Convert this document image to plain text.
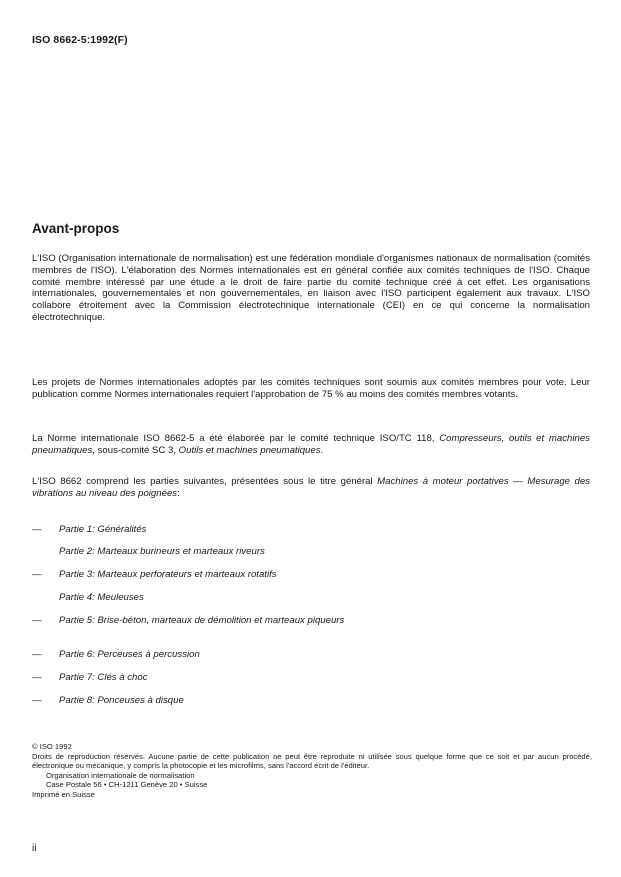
ISO 8662-5:1992(F)
Avant-propos
L'ISO (Organisation internationale de normalisation) est une fédération mondiale d'organismes nationaux de normalisation (comités membres de l'ISO). L'élaboration des Normes internationales est en général confiée aux comités techniques de l'ISO. Chaque comité membre intéressé par une étude a le droit de faire partie du comité technique créé à cet effet. Les organisations internationales, gouvernementales et non gouvernementales, en liaison avec l'ISO participent également aux travaux. L'ISO collabore étroitement avec la Commission électrotechnique internationale (CEI) en ce qui concerne la normalisation électrotechnique.
Les projets de Normes internationales adoptés par les comités techniques sont soumis aux comités membres pour vote. Leur publication comme Normes internationales requiert l'approbation de 75 % au moins des comités membres votants.
La Norme internationale ISO 8662-5 a été élaborée par le comité technique ISO/TC 118, Compresseurs, outils et machines pneumatiques, sous-comité SC 3, Outils et machines pneumatiques.
L'ISO 8662 comprend les parties suivantes, présentées sous le titre général Machines à moteur portatives — Mesurage des vibrations au niveau des poignées:
—	Partie 1: Généralités
Partie 2: Marteaux burineurs et marteaux riveurs
—	Partie 3: Marteaux perforateurs et marteaux rotatifs
Partie 4: Meuleuses
—	Partie 5: Brise-béton, marteaux de démolition et marteaux piqueurs
—	Partie 6: Perceuses à percussion
—	Partie 7: Clés à choc
—	Partie 8: Ponceuses à disque
© ISO 1992
Droits de reproduction réservés. Aucune partie de cette publication ne peut être reproduite ni utilisée sous quelque forme que ce soit et par aucun procédé, électronique ou mécanique, y compris la photocopie et les microfilms, sans l'accord écrit de l'éditeur.
Organisation internationale de normalisation
Case Postale 56 • CH-1211 Genève 20 • Suisse
Imprimé en Suisse
ii
